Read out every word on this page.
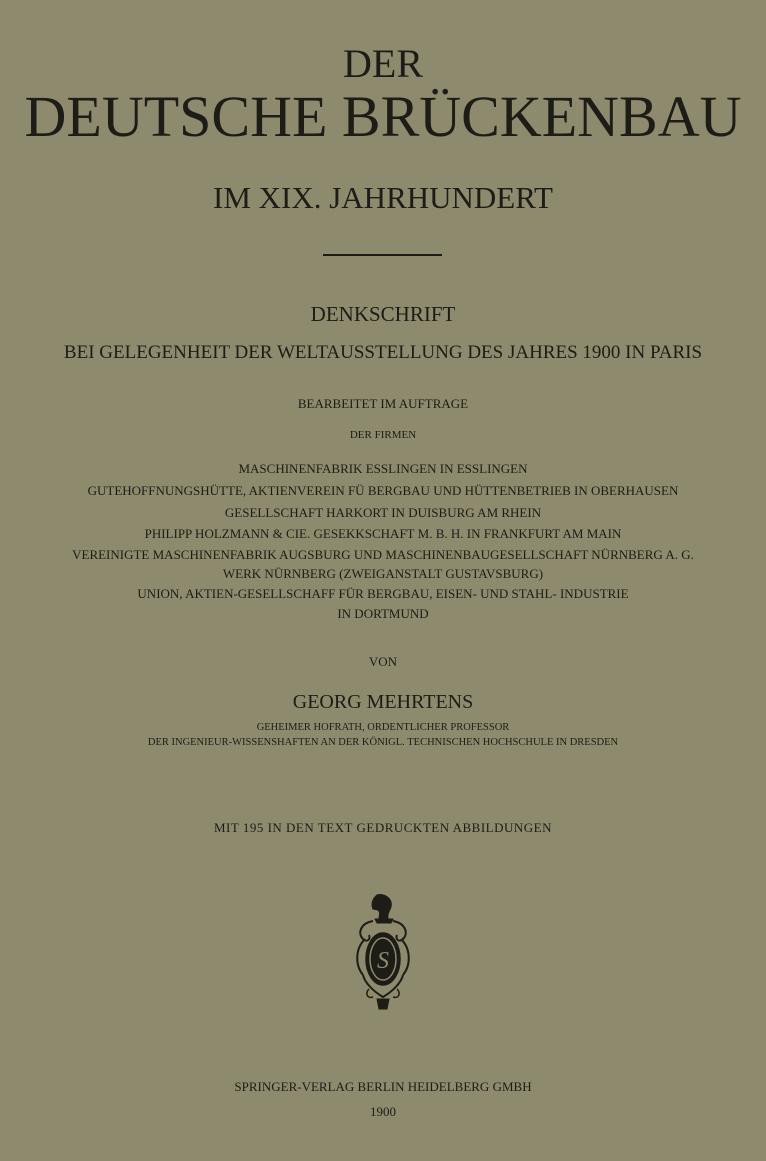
DER
DEUTSCHE BRÜCKENBAU
IM XIX. JAHRHUNDERT
DENKSCHRIFT
BEI GELEGENHEIT DER WELTAUSSTELLUNG DES JAHRES 1900 IN PARIS
BEARBEITET IM AUFTRAGE
DER FIRMEN
MASCHINENFABRIK ESSLINGEN IN ESSLINGEN
GUTEHOFFNUNGSHÜTTE, AKTIENVEREIN FÜ BERGBAU UND HÜTTENBETRIEB IN OBERHAUSEN
GESELLSCHAFT HARKORT IN DUISBURG AM RHEIN
PHILIPP HOLZMANN & CIE. GESEKKSCHAFT M. B. H. IN FRANKFURT AM MAIN
VEREINIGTE MASCHINENFABRIK AUGSBURG UND MASCHINENBAUGESELLSCHAFT NÜRNBERG A. G.
WERK NÜRNBERG (ZWEIGANSTALT GUSTAVSBURG)
UNION, AKTIEN-GESELLSCHAFF FÜR BERGBAU, EISEN- UND STAHL- INDUSTRIE
IN DORTMUND
VON
GEORG MEHRTENS
GEHEIMER HOFRATH, ORDENTLICHER PROFESSOR
DER INGENIEUR-WISSENSHAFTEN AN DER KÖNIGL. TECHNISCHEN HOCHSCHULE IN DRESDEN
MIT 195 IN DEN TEXT GEDRUCKTEN ABBILDUNGEN
S
SPRINGER-VERLAG BERLIN HEIDELBERG GMBH
1900
